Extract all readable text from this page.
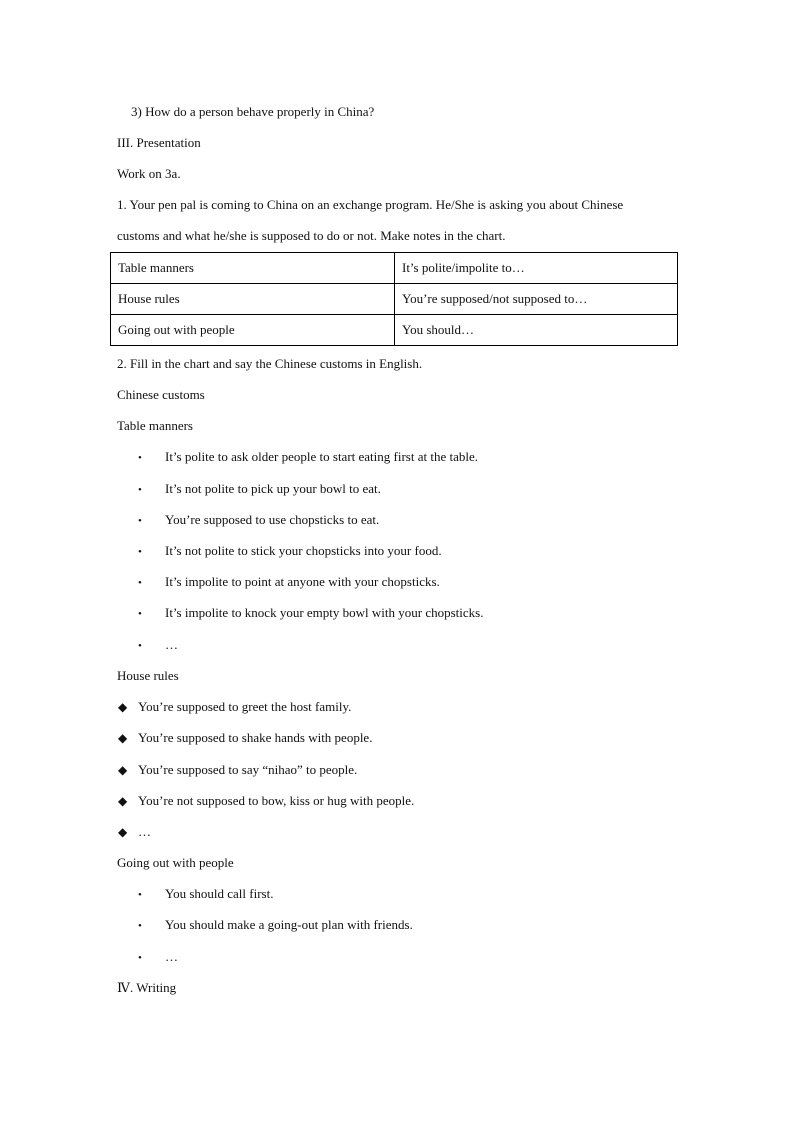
3) How do a person behave properly in China?
III. Presentation
Work on 3a.
1. Your pen pal is coming to China on an exchange program. He/She is asking you about Chinese
customs and what he/she is supposed to do or not. Make notes in the chart.
Table manners	It’s polite/impolite to…
House rules	You’re supposed/not supposed to…
Going out with people	You should…
2. Fill in the chart and say the Chinese customs in English.
Chinese customs
Table manners
• It’s polite to ask older people to start eating first at the table.
• It’s not polite to pick up your bowl to eat.
• You’re supposed to use chopsticks to eat.
• It’s not polite to stick your chopsticks into your food.
• It’s impolite to point at anyone with your chopsticks.
• It’s impolite to knock your empty bowl with your chopsticks.
• …
House rules
◆ You’re supposed to greet the host family.
◆ You’re supposed to shake hands with people.
◆ You’re supposed to say “nihao” to people.
◆ You’re not supposed to bow, kiss or hug with people.
◆ …
Going out with people
• You should call first.
• You should make a going-out plan with friends.
• …
Ⅳ. Writing
